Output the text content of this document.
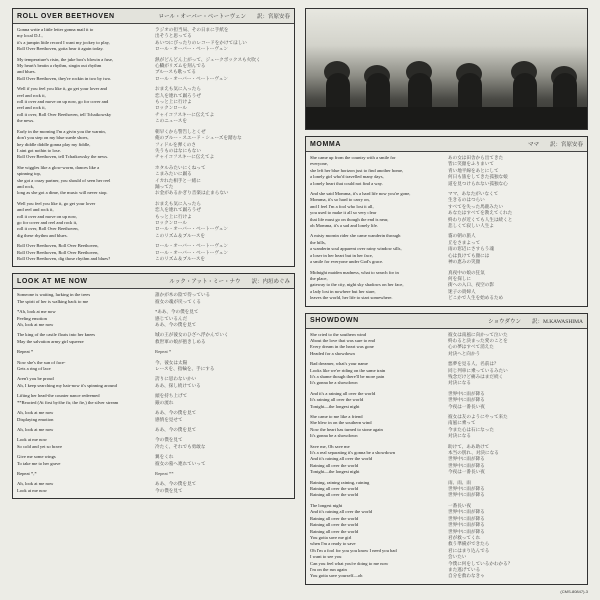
ROLL OVER BEETHOVEN	ロール・オーバー・ベートーヴェン　　訳：宮原安春
Gonna write a little letter gonna mail it to	ラジオの担当局、その日まに手紙を
my local D.J.,	出そうと思ってる
it's a jumpin little record I want my jockey to play,	あいつにぴったりのレコードをかけてほしい
Roll Over Beethoven, gotta hear it again today.	ロール・オーバー・ベートーヴェン
My temperature's risin, the juke box's blowin a fuse,	熱がどんどん上がって、ジュークボックスも火吹く
My heart's beatin a rhythm, singin out rhythm	心臓がリズムを刻んでる
and blues.	ブルースも歌ってる
Roll Over Beethoven, they're rockin in two by two.	ロール・オーバー・ベートーヴェン
Well if you feel you like it, go get your lover and	おまえも気に入ったら
reel and rock it,	恋人を連れて踊ろうぜ
roll it over and move on up now, go for cover and	もっと上に行けよ
reel and rock it,	ロックンロール
roll it over, Roll Over Beethoven, tell Tchaikowsky	チャイコフスキーに伝えてよ
the news.	このニュースを
Early in the morning I'm a givin you the warnin,	朝早くから警告しとくぜ
don't you step on my blue suede shoes,	俺のブルー・スエード・シューズを踏むな
hey diddle diddle gonna play my fiddle,	フィドルを弾くのさ
I aint got nothin to lose.	失うものはなにもない
Roll Over Beethoven, tell Tchaikowsky the news.	チャイコフスキーに伝えてよ
She wiggles like a glow-worm, dances like a	ホタルみたいにくねって
spinning top,	こまみたいに踊る
she got a crazy partner, you should of seen her reel	イカれた相手と一緒に
and rock,	踊ってた
long as she got a dime, the music will never stop.	お金があるかぎり音楽は止まらない
Well you feel you like it, go get your lover	おまえも気に入ったら
and reel and rock it,	恋人を連れて踊ろうぜ
roll it over and move on up now,	もっと上に行けよ
go for cover and reel and rock it,	ロックンロール
roll it over, Roll Over Beethoven,	ロール・オーバー・ベートーヴェン
dig these rhythm and blues.	このリズム＆ブルースを
Roll Over Beethoven, Roll Over Beethoven,	ロール・オーバー・ベートーヴェン
Roll Over Beethoven, Roll Over Beethoven,	ロール・オーバー・ベートーヴェン
Roll Over Beethoven, dig those rhythm and blues?	このリズム＆ブルースを
LOOK AT ME NOW	ルック・アット・ミー・ナウ　　訳：内垣めぐみ
Someone is waiting, lurking in the trees	誰かが木の陰で待っている
The spirit of her is walking back to me	彼女の魂が戻ってくる
*Ah, look at me now	*ああ、今の僕を見て
Feeling emotion	感じているんだ
Ah, look at me now	ああ、今の僕を見て
The king of the castle floats into her knees	城の王が彼女のひざへ浮かんでいく
May the salvation army girl squeeze	救世軍の娘が抱きしめる
Repeat *	Repeat *
Now she's the sun of face-	今、彼女は太陽
Gets a ring of lace	レースを、指輪を、手にする
Aren't you be proud	誇りに思わないかい
Ah, I keep searching my hair-now it's spinning around	ああ、探し続けている
Lifting her head-the counter nance redeemed	頭を持ち上げて
**Reacted (At first by/the fir, the fie,) the silver stream	銀の流れ
Ah, look at me now	ああ、今の僕を見て
Displaying emotion	感情を見せて
Ah, look at me now	ああ、今の僕を見て
Look at me now	今の僕を見て
So cold and yet so brave	冷たく、それでも勇敢な
Give me some wings	翼をくれ
To take me to her grave	彼女の墓へ連れていって
Repeat *,*	Repeat **
Ah, look at me now	ああ、今の僕を見て
Look at me now	今の僕を見て
MOMMA	ママ　　訳：宮原安春
She came up from the country with a smile for	あの女は田舎から出てきた
everyone,	皆に笑顔をふりまいて
she left her blue horizon just to find another home,	青い地平線をあとにして
a lonely girl who'd travelled many days,	何日も旅をしてきた孤独な娘
a lonely heart that could not find a way.	道を見つけられない孤独な心
And she said Momma, it's a hard life now you're gone,	ママ、あなたがいなくて
Momma, it's so hard to carry on,	生きるのはつらい
and I feel I'm a fool who lost it all,	すべてを失った馬鹿みたい
you used to make it all so very clear	あなたはすべてを教えてくれた
that life must go on though the end is near,	終わりが近くても人生は続くと
oh Momma, it's a sad and lonely life.	悲しくて寂しい人生よ
A misty mornin rider she came wanderin through	霧の朝の旅人
the hills,	丘をさまよって
a wanderin soul apparent over rainy window sills,	雨の窓辺にさすらう魂
a loser in her heart but in her face,	心は負けても顔には
a smile for everyone under God's grace.	神の恵みの笑顔
Midnight maiden madness, what to search for in	真夜中の娘の狂気
the place,	何を探しに
gateway to the city, night sky shadows on her face,	街への入口、夜空の影
a lady lost in nowhere but her stare,	迷子の貴婦人
leaves the world, her life to start somewhere.	どこかで人生を始めるため
SHOWDOWN	ショウダウン　　訳：M.KAWASHIMA
She cried to the southern wind	彼女は南風に向かって泣いた
About the love that was sure to end	終わると決まった愛のことを
Every dream in the heart was gone	心の夢はすべて消えた
Headed for a showdown	対決へと向かう
Bad dreamer, what's your name	悪夢を見る人、名前は？
Looks like we're riding on the same train	同じ列車に乗っているみたい
It's a shame though there'll be more pain	残念だけど痛みはまだ続く
It's gonna be a showdown	対決になる
And it's a raining all over the world	世界中に雨が降る
It's raining all over the world	世界中に雨が降る
Tonight—the longest night	今夜は一番長い夜
She came to me like a friend	彼女は友のようにやって来た
She blew in on the southern wind	南風に乗って
Now the heart has turned to stone again	今また心は石になった
It's gonna be a showdown	対決になる
Save me, Oh save me	助けて、ああ助けて
It's a real separating it's gonna be a showdown	本当の別れ、対決になる
And it's raining all over the world	世界中に雨が降る
Raining all over the world	世界中に雨が降る
Tonight—the longest night	今夜は一番長い夜
Raining, raining raining, raining	雨、雨、雨
Raining all over the world	世界中に雨が降る
Raining all over the world	世界中に雨が降る
The longest night	一番長い夜
And it's raining all over the world	世界中に雨が降る
Raining all over the world	世界中に雨が降る
Raining all over the world	世界中に雨が降る
Raining all over the world	世界中に雨が降る
You gotta save me girl	君が救ってくれ
when I'm a ready to save	救う準備ができたら
Oh I'm a fool for you you know I need you bad	君にはまり込んでる
I want to see you	会いたい
Can you feel what you're doing to me now	今僕に何をしているかわかる？
I'm on the run again	また逃げている
You gotta save yourself—oh	自分を救わなきゃ
(CMS-80847)-3
